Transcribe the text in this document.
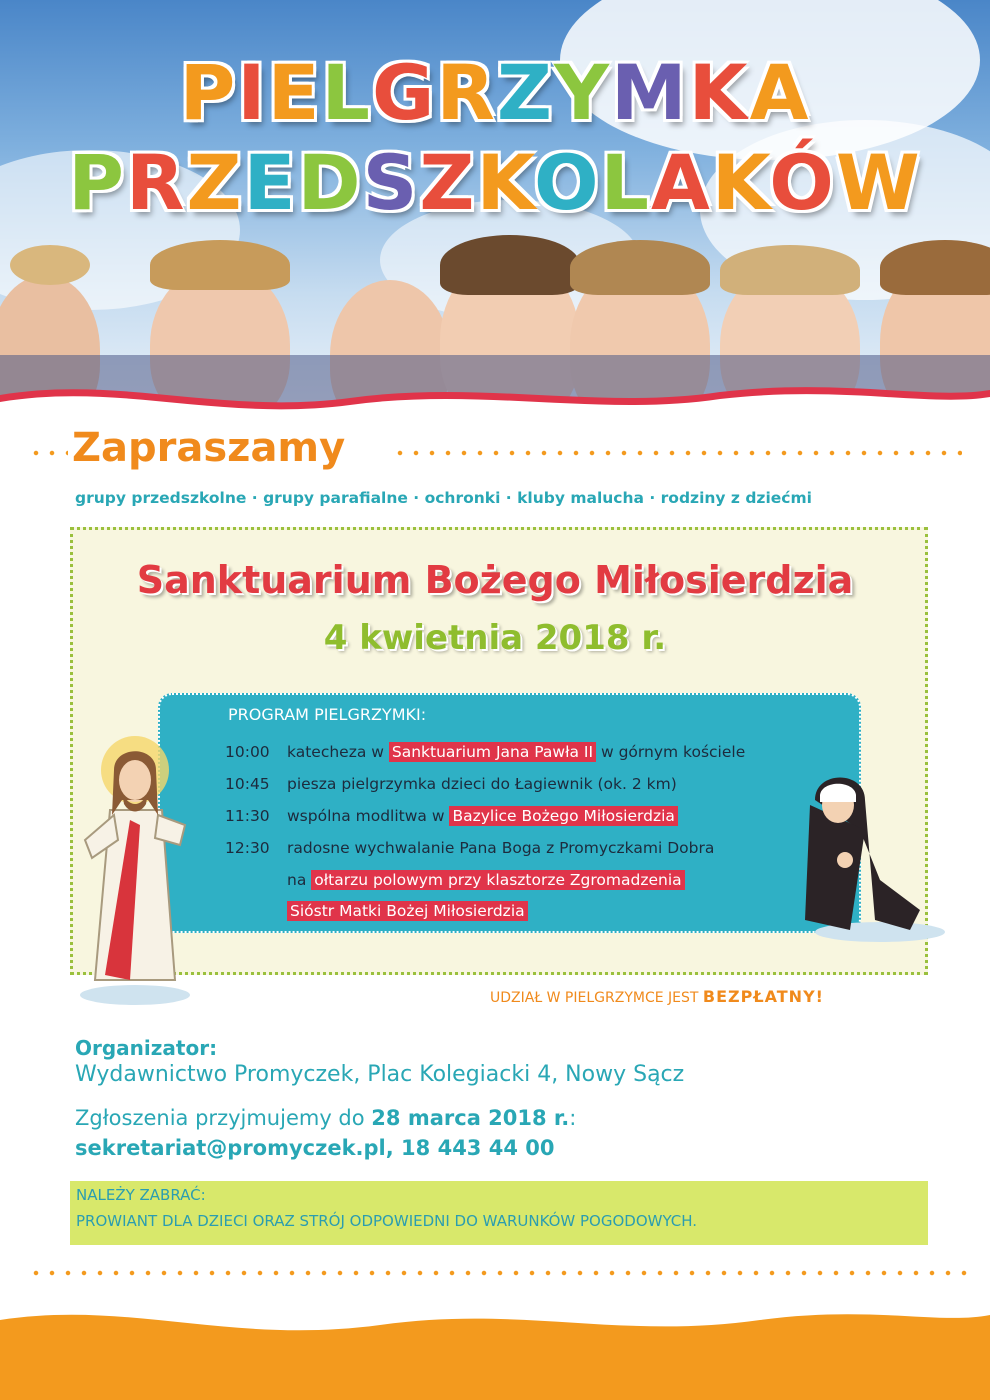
PIELGRZYMKA
PRZEDSZKOLAKÓW
Zapraszamy
grupy przedszkolne · grupy parafialne · ochronki · kluby malucha · rodziny z dziećmi
Sanktuarium Bożego Miłosierdzia
4 kwietnia 2018 r.
PROGRAM PIELGRZYMKI:
10:00 katecheza w Sanktuarium Jana Pawła II w górnym kościele
10:45 piesza pielgrzymka dzieci do Łagiewnik (ok. 2 km)
11:30 wspólna modlitwa w Bazylice Bożego Miłosierdzia
12:30 radosne wychwalanie Pana Boga z Promyczkami Dobra
na ołtarzu polowym przy klasztorze Zgromadzenia
Sióstr Matki Bożej Miłosierdzia
UDZIAŁ W PIELGRZYMCE JEST BEZPŁATNY!
Organizator:
Wydawnictwo Promyczek, Plac Kolegiacki 4, Nowy Sącz
Zgłoszenia przyjmujemy do 28 marca 2018 r.:
sekretariat@promyczek.pl, 18 443 44 00
NALEŻY ZABRAĆ:
PROWIANT DLA DZIECI ORAZ STRÓJ ODPOWIEDNI DO WARUNKÓW POGODOWYCH.
